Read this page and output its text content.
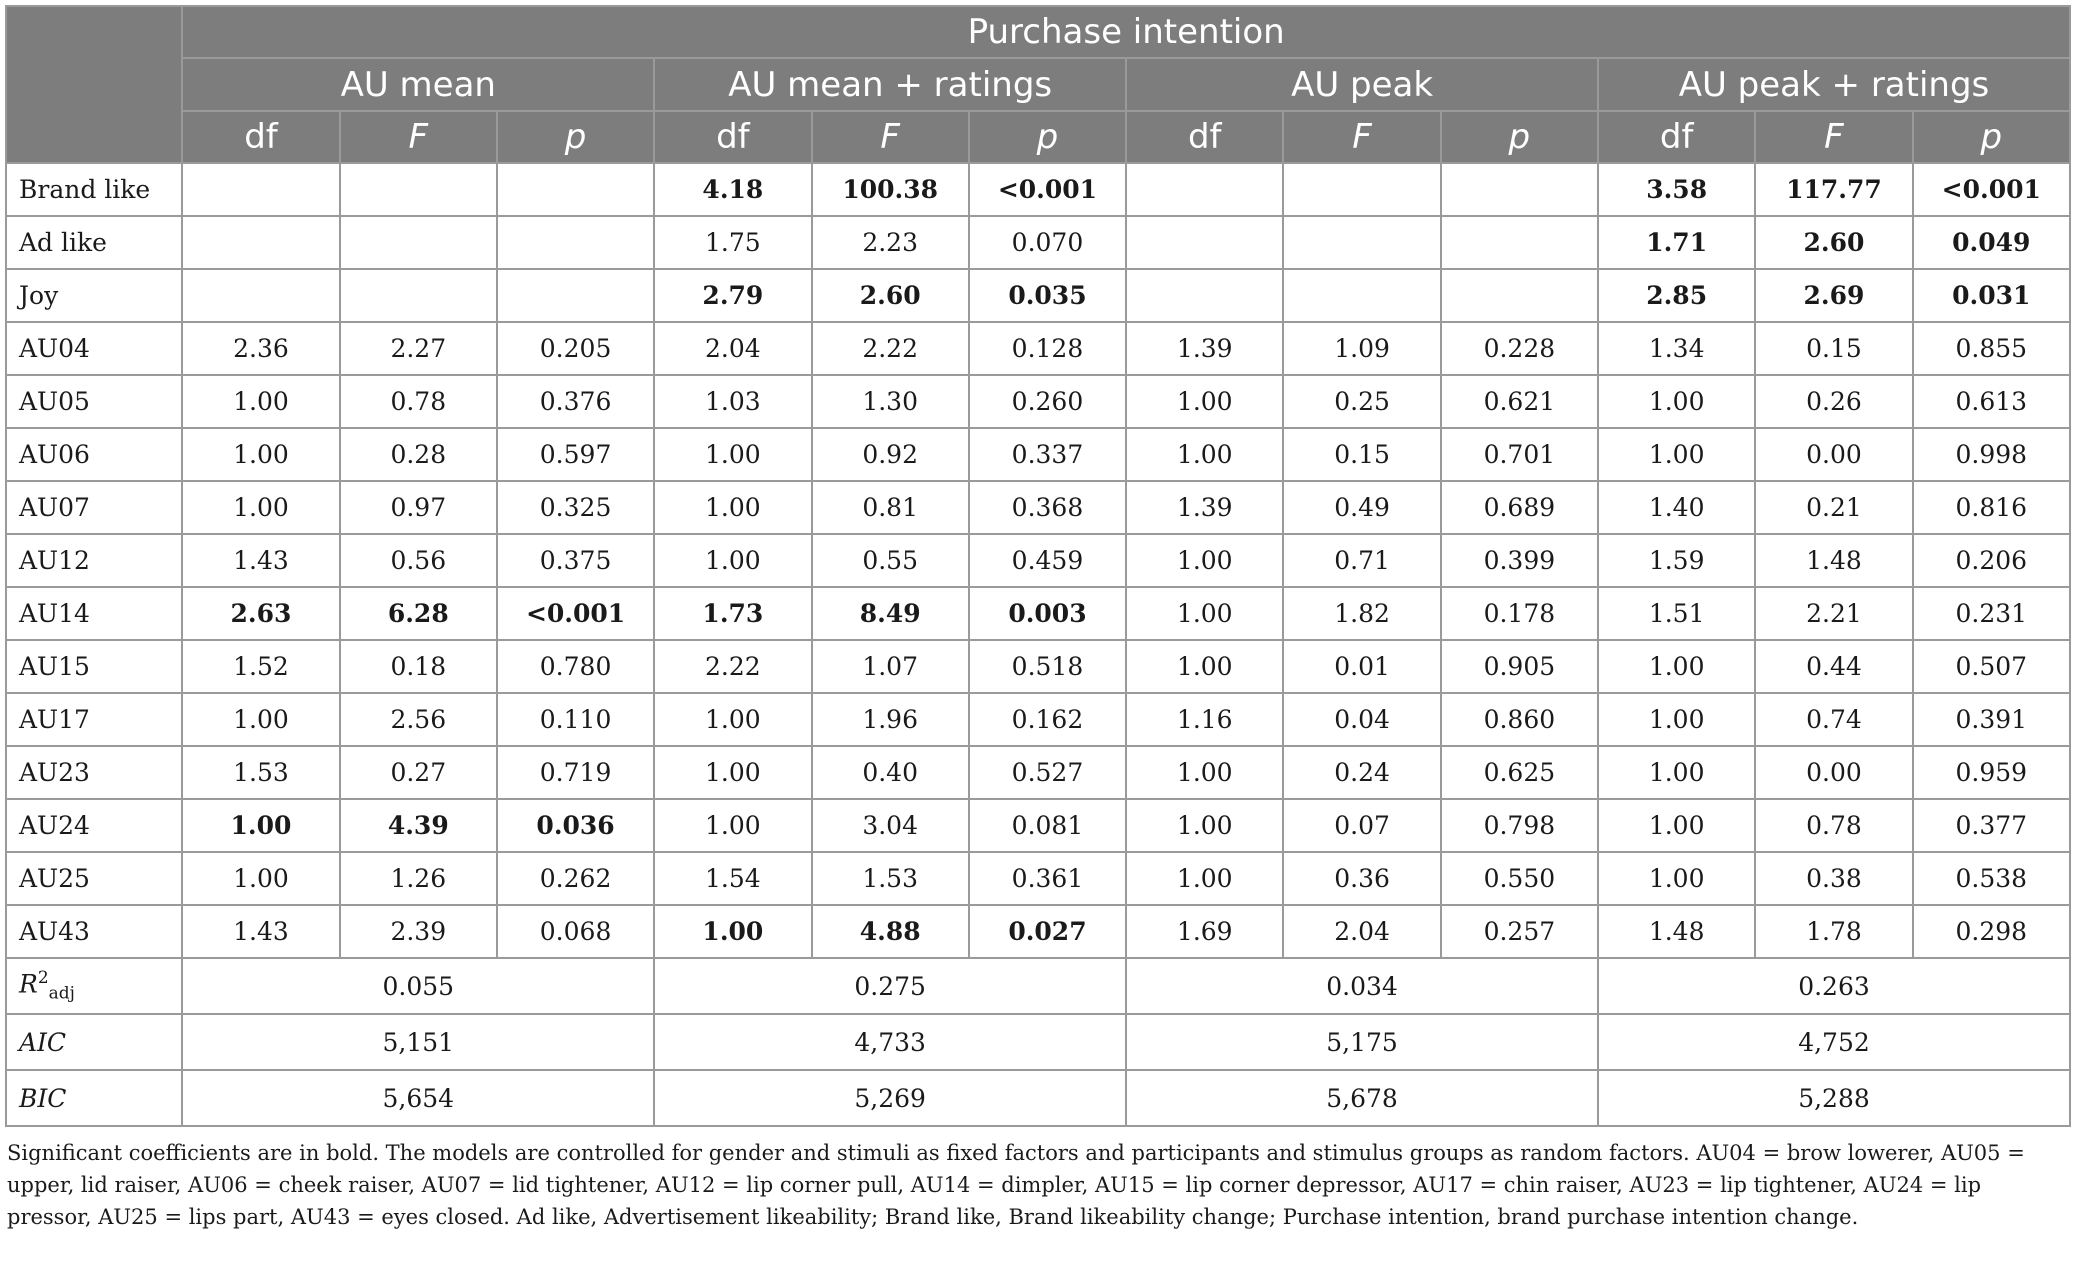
	Purchase intention											
	AU mean			AU mean + ratings			AU peak			AU peak + ratings		
	df	F	p	df	F	p	df	F	p	df	F	p
Brand like				4.18	100.38	<0.001				3.58	117.77	<0.001
Ad like				1.75	2.23	0.070				1.71	2.60	0.049
Joy				2.79	2.60	0.035				2.85	2.69	0.031
AU04	2.36	2.27	0.205	2.04	2.22	0.128	1.39	1.09	0.228	1.34	0.15	0.855
AU05	1.00	0.78	0.376	1.03	1.30	0.260	1.00	0.25	0.621	1.00	0.26	0.613
AU06	1.00	0.28	0.597	1.00	0.92	0.337	1.00	0.15	0.701	1.00	0.00	0.998
AU07	1.00	0.97	0.325	1.00	0.81	0.368	1.39	0.49	0.689	1.40	0.21	0.816
AU12	1.43	0.56	0.375	1.00	0.55	0.459	1.00	0.71	0.399	1.59	1.48	0.206
AU14	2.63	6.28	<0.001	1.73	8.49	0.003	1.00	1.82	0.178	1.51	2.21	0.231
AU15	1.52	0.18	0.780	2.22	1.07	0.518	1.00	0.01	0.905	1.00	0.44	0.507
AU17	1.00	2.56	0.110	1.00	1.96	0.162	1.16	0.04	0.860	1.00	0.74	0.391
AU23	1.53	0.27	0.719	1.00	0.40	0.527	1.00	0.24	0.625	1.00	0.00	0.959
AU24	1.00	4.39	0.036	1.00	3.04	0.081	1.00	0.07	0.798	1.00	0.78	0.377
AU25	1.00	1.26	0.262	1.54	1.53	0.361	1.00	0.36	0.550	1.00	0.38	0.538
AU43	1.43	2.39	0.068	1.00	4.88	0.027	1.69	2.04	0.257	1.48	1.78	0.298
$R^2_{adj}$	0.055			0.275			0.034			0.263		
AIC	5,151			4,733			5,175			4,752		
BIC	5,654			5,269			5,678			5,288		
Significant coefficients are in bold. The models are controlled for gender and stimuli as fixed factors and participants and stimulus groups as random factors. AU04 = brow lowerer, AU05 = upper, lid raiser, AU06 = cheek raiser, AU07 = lid tightener, AU12 = lip corner pull, AU14 = dimpler, AU15 = lip corner depressor, AU17 = chin raiser, AU23 = lip tightener, AU24 = lip pressor, AU25 = lips part, AU43 = eyes closed. Ad like, Advertisement likeability; Brand like, Brand likeability change; Purchase intention, brand purchase intention change.
